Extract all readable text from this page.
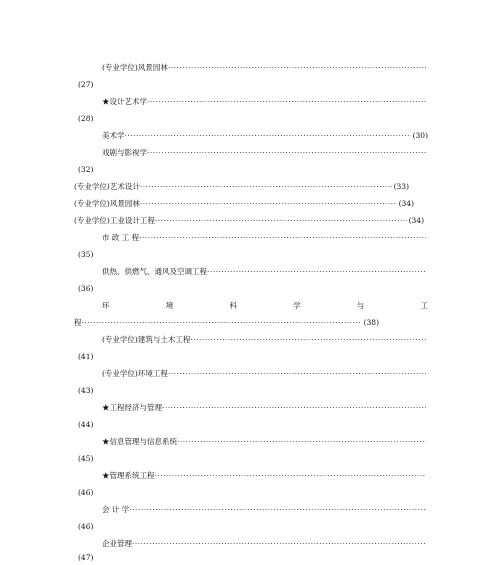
(专业学位)风景园林
·····
(27)
★设计艺术学
·····
(28)
美术学 ·····	(30)
戏剧与影视学
·····
(32)
(专业学位)艺术设计 ·····	(33)
(专业学位)风景园林 ·····	(34)
(专业学位)工业设计工程 ·····	(34)
市 政 工 程
·····
(35)
供热、供燃气、通风及空调工程
·····
(36)
环	境	科	学	与	工
程 ·····	(38)
(专业学位)建筑与土木工程
·····
(41)
(专业学位)环境工程
·····
(43)
★工程经济与管理
·····
(44)
★信息管理与信息系统
·····
(45)
★管理系统工程
·····
(46)
会 计 学
·····
(46)
企业管理
·····
(47)
